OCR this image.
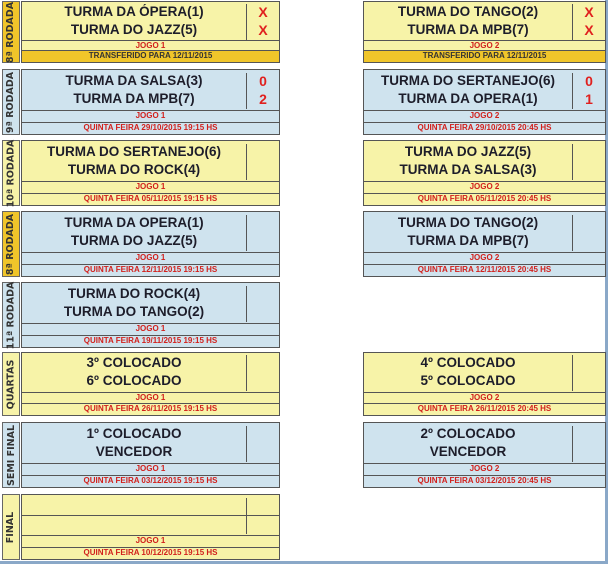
8ª RODADA	TURMA DA ÓPERA(1)	X
TURMA DO JAZZ(5)	X
JOGO 1
TRANSFERIDO PARA 12/11/2015
TURMA DO TANGO(2)	X
TURMA DA MPB(7)	X
JOGO 2
TRANSFERIDO PARA 12/11/2015
9ª RODADA	TURMA DA SALSA(3)	0
TURMA DA MPB(7)	2
JOGO 1
QUINTA FEIRA 29/10/2015 19:15 HS
TURMA DO SERTANEJO(6)	0
TURMA DA OPERA(1)	1
JOGO 2
QUINTA FEIRA 29/10/2015 20:45 HS
10ª RODADA	TURMA DO SERTANEJO(6)
TURMA DO ROCK(4)
JOGO 1
QUINTA FEIRA 05/11/2015 19:15 HS
TURMA DO JAZZ(5)
TURMA DA SALSA(3)
JOGO 2
QUINTA FEIRA 05/11/2015 20:45 HS
8ª RODADA	TURMA DA OPERA(1)
TURMA DO JAZZ(5)
JOGO 1
QUINTA FEIRA 12/11/2015 19:15 HS
TURMA DO TANGO(2)
TURMA DA MPB(7)
JOGO 2
QUINTA FEIRA 12/11/2015 20:45 HS
11ª RODADA	TURMA DO ROCK(4)
TURMA DO TANGO(2)
JOGO 1
QUINTA FEIRA 19/11/2015 19:15 HS
QUARTAS	3º COLOCADO
6º COLOCADO
JOGO 1
QUINTA FEIRA 26/11/2015 19:15 HS
4º COLOCADO
5º COLOCADO
JOGO 2
QUINTA FEIRA 26/11/2015 20:45 HS
SEMI FINAL	1º COLOCADO
VENCEDOR
JOGO 1
QUINTA FEIRA 03/12/2015 19:15 HS
2º COLOCADO
VENCEDOR
JOGO 2
QUINTA FEIRA 03/12/2015 20:45 HS
FINAL	JOGO 1
QUINTA FEIRA 10/12/2015 19:15 HS
